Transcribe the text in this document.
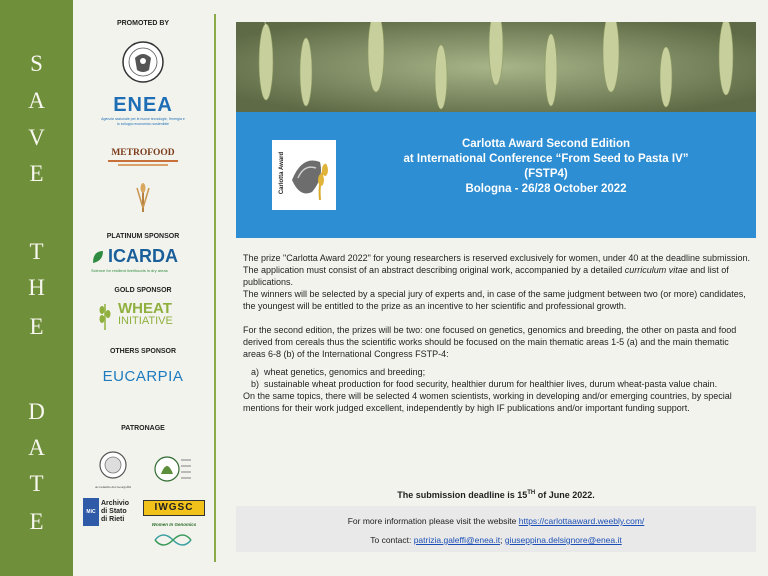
S
A
V
E
T
H
E
D
A
T
E
PROMOTED BY
ENEA
Agenzia nazionale per le nuove tecnologie, l'energia e lo sviluppo economico sostenibile
METROFOOD
PLATINUM SPONSOR
ICARDA
Science for resilient livelihoods in dry areas
GOLD SPONSOR
WHEAT
INITIATIVE
OTHERS SPONSOR
EUCARPIA
PATRONAGE
Accademia dei Georgofili
MiC
Archivio
di Stato
di Rieti
IWGSC
Women In Genomics
Carlotta Award
Carlotta Award Second Edition
at International Conference “From Seed to Pasta IV”
(FSTP4)
Bologna - 26/28 October 2022

The prize "Carlotta Award 2022" for young researchers is reserved exclusively for women, under 40 at the deadline submission. The application must consist of an abstract describing original work, accompanied by a detailed curriculum vitae and list of publications.

The winners will be selected by a special jury of experts and, in case of the same judgment between two (or more) candidates, the youngest will be entitled to the prize as an incentive to her scientific and professional growth.

For the second edition, the prizes will be two: one focused on genetics, genomics and breeding, the other on pasta and food derived from cereals thus the scientific works should be focused on the main thematic areas 1-5 (a) and the main thematic areas 6-8 (b) of the International Congress FSTP-4:

a) wheat genetics, genomics and breeding;
b) sustainable wheat production for food security, healthier durum for healthier lives, durum wheat-pasta value chain.

On the same topics, there will be selected 4 women scientists, working in developing and/or emerging countries, by special mentions for their work judged excellent, independently by high IF publications and/or important funding support.

The submission deadline is 15TH of June 2022.
For more information please visit the website https://carlottaaward.weebly.com/
To contact: patrizia.galeffi@enea.it; giuseppina.delsignore@enea.it
